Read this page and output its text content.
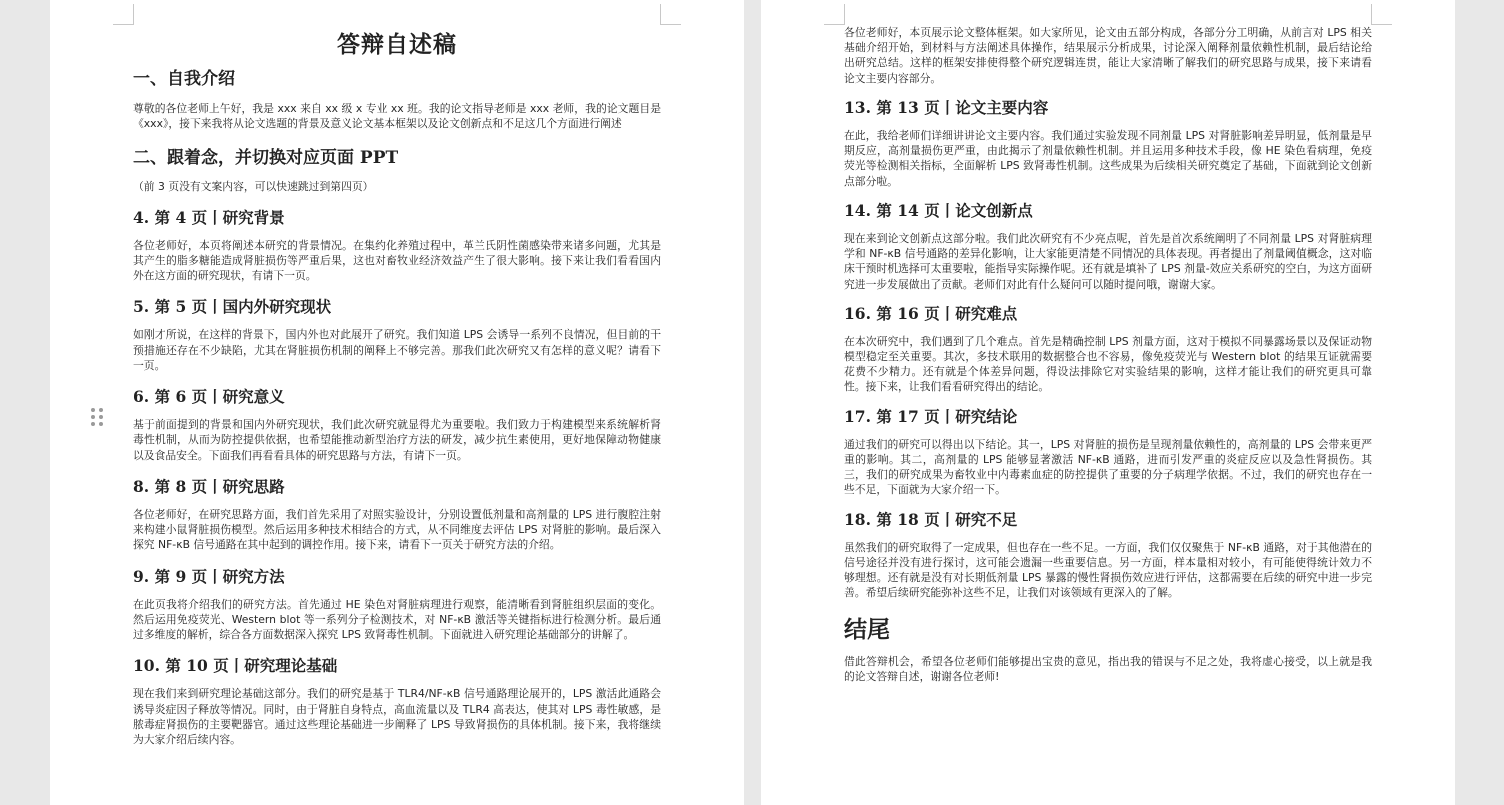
答辩自述稿
一、自我介绍

尊敬的各位老师上午好，我是 xxx 来自 xx 级 x 专业 xx 班。我的论文指导老师是 xxx 老师，我的论文题目是《xxx》，接下来我将从论文选题的背景及意义论文基本框架以及论文创新点和不足这几个方面进行阐述

二、跟着念，并切换对应页面 PPT

（前 3 页没有文案内容，可以快速跳过到第四页）

4. 第 4 页丨研究背景

各位老师好，本页将阐述本研究的背景情况。在集约化养殖过程中，革兰氏阴性菌感染带来诸多问题，尤其是其产生的脂多糖能造成肾脏损伤等严重后果，这也对畜牧业经济效益产生了很大影响。接下来让我们看看国内外在这方面的研究现状，有请下一页。

5. 第 5 页丨国内外研究现状

如刚才所说，在这样的背景下，国内外也对此展开了研究。我们知道 LPS 会诱导一系列不良情况，但目前的干预措施还存在不少缺陷，尤其在肾脏损伤机制的阐释上不够完善。那我们此次研究又有怎样的意义呢？请看下一页。

6. 第 6 页丨研究意义

基于前面提到的背景和国内外研究现状，我们此次研究就显得尤为重要啦。我们致力于构建模型来系统解析肾毒性机制，从而为防控提供依据，也希望能推动新型治疗方法的研发，减少抗生素使用，更好地保障动物健康以及食品安全。下面我们再看看具体的研究思路与方法，有请下一页。

8. 第 8 页丨研究思路

各位老师好，在研究思路方面，我们首先采用了对照实验设计，分别设置低剂量和高剂量的 LPS 进行腹腔注射来构建小鼠肾脏损伤模型。然后运用多种技术相结合的方式，从不同维度去评估 LPS 对肾脏的影响。最后深入探究 NF-κB 信号通路在其中起到的调控作用。接下来，请看下一页关于研究方法的介绍。

9. 第 9 页丨研究方法

在此页我将介绍我们的研究方法。首先通过 HE 染色对肾脏病理进行观察，能清晰看到肾脏组织层面的变化。然后运用免疫荧光、Western blot 等一系列分子检测技术，对 NF-κB 激活等关键指标进行检测分析。最后通过多维度的解析，综合各方面数据深入探究 LPS 致肾毒性机制。下面就进入研究理论基础部分的讲解了。

10. 第 10 页丨研究理论基础

现在我们来到研究理论基础这部分。我们的研究是基于 TLR4/NF-κB 信号通路理论展开的，LPS 激活此通路会诱导炎症因子释放等情况。同时，由于肾脏自身特点，高血流量以及 TLR4 高表达，使其对 LPS 毒性敏感，是脓毒症肾损伤的主要靶器官。通过这些理论基础进一步阐释了 LPS 导致肾损伤的具体机制。接下来，我将继续为大家介绍后续内容。

各位老师好，本页展示论文整体框架。如大家所见，论文由五部分构成，各部分分工明确，从前言对 LPS 相关基础介绍开始，到材料与方法阐述具体操作，结果展示分析成果，讨论深入阐释剂量依赖性机制，最后结论给出研究总结。这样的框架安排使得整个研究逻辑连贯，能让大家清晰了解我们的研究思路与成果，接下来请看论文主要内容部分。

13. 第 13 页丨论文主要内容

在此，我给老师们详细讲讲论文主要内容。我们通过实验发现不同剂量 LPS 对肾脏影响差异明显，低剂量是早期反应，高剂量损伤更严重，由此揭示了剂量依赖性机制。并且运用多种技术手段，像 HE 染色看病理，免疫荧光等检测相关指标，全面解析 LPS 致肾毒性机制。这些成果为后续相关研究奠定了基础，下面就到论文创新点部分啦。

14. 第 14 页丨论文创新点

现在来到论文创新点这部分啦。我们此次研究有不少亮点呢，首先是首次系统阐明了不同剂量 LPS 对肾脏病理学和 NF-κB 信号通路的差异化影响，让大家能更清楚不同情况的具体表现。再者提出了剂量阈值概念，这对临床干预时机选择可太重要啦，能指导实际操作呢。还有就是填补了 LPS 剂量-效应关系研究的空白，为这方面研究进一步发展做出了贡献。老师们对此有什么疑问可以随时提问哦，谢谢大家。

16. 第 16 页丨研究难点

在本次研究中，我们遇到了几个难点。首先是精确控制 LPS 剂量方面，这对于模拟不同暴露场景以及保证动物模型稳定至关重要。其次，多技术联用的数据整合也不容易，像免疫荧光与 Western blot 的结果互证就需要花费不少精力。还有就是个体差异问题，得设法排除它对实验结果的影响，这样才能让我们的研究更具可靠性。接下来，让我们看看研究得出的结论。

17. 第 17 页丨研究结论

通过我们的研究可以得出以下结论。其一，LPS 对肾脏的损伤是呈现剂量依赖性的，高剂量的 LPS 会带来更严重的影响。其二，高剂量的 LPS 能够显著激活 NF-κB 通路，进而引发严重的炎症反应以及急性肾损伤。其三，我们的研究成果为畜牧业中内毒素血症的防控提供了重要的分子病理学依据。不过，我们的研究也存在一些不足，下面就为大家介绍一下。

18. 第 18 页丨研究不足

虽然我们的研究取得了一定成果，但也存在一些不足。一方面，我们仅仅聚焦于 NF-κB 通路，对于其他潜在的信号途径并没有进行探讨，这可能会遗漏一些重要信息。另一方面，样本量相对较小，有可能使得统计效力不够理想。还有就是没有对长期低剂量 LPS 暴露的慢性肾损伤效应进行评估，这都需要在后续的研究中进一步完善。希望后续研究能弥补这些不足，让我们对该领域有更深入的了解。

结尾

借此答辩机会，希望各位老师们能够提出宝贵的意见，指出我的错误与不足之处，我将虚心接受，以上就是我的论文答辩自述，谢谢各位老师!
